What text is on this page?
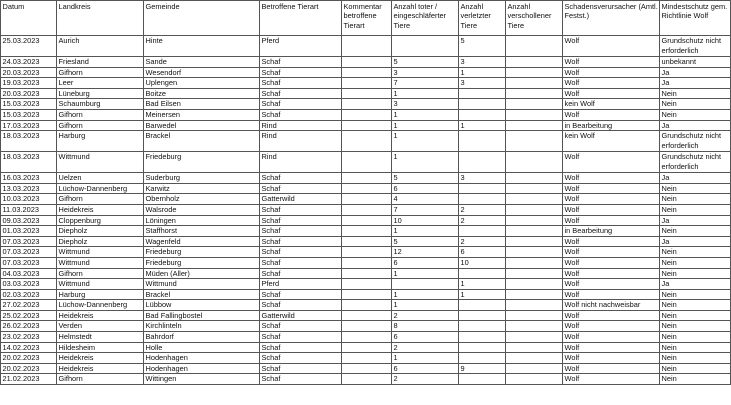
Datum	Landkreis	Gemeinde	Betroffene Tierart	Kommentar betroffene Tierart	Anzahl toter / eingeschläferter Tiere	Anzahl verletzter Tiere	Anzahl verschollener Tiere	Schadensverursacher (Amtl. Festst.)	Mindestschutz gem. Richtlinie Wolf
25.03.2023	Aurich	Hinte	Pferd			5		Wolf	Grundschutz nicht erforderlich
24.03.2023	Friesland	Sande	Schaf		5	3		Wolf	unbekannt
20.03.2023	Gifhorn	Wesendorf	Schaf		3	1		Wolf	Ja
19.03.2023	Leer	Uplengen	Schaf		7	3		Wolf	Ja
20.03.2023	Lüneburg	Boitze	Schaf		1			Wolf	Nein
15.03.2023	Schaumburg	Bad Eilsen	Schaf		3			kein Wolf	Nein
15.03.2023	Gifhorn	Meinersen	Schaf		1			Wolf	Nein
17.03.2023	Gifhorn	Barwedel	Rind		1	1		in Bearbeitung	Ja
18.03.2023	Harburg	Brackel	Rind		1			kein Wolf	Grundschutz nicht erforderlich
18.03.2023	Wittmund	Friedeburg	Rind		1			Wolf	Grundschutz nicht erforderlich
16.03.2023	Uelzen	Suderburg	Schaf		5	3		Wolf	Ja
13.03.2023	Lüchow-Dannenberg	Karwitz	Schaf		6			Wolf	Nein
10.03.2023	Gifhorn	Obernholz	Gatterwild		4			Wolf	Nein
11.03.2023	Heidekreis	Walsrode	Schaf		7	2		Wolf	Nein
09.03.2023	Cloppenburg	Löningen	Schaf		10	2		Wolf	Ja
01.03.2023	Diepholz	Staffhorst	Schaf		1			in Bearbeitung	Nein
07.03.2023	Diepholz	Wagenfeld	Schaf		5	2		Wolf	Ja
07.03.2023	Wittmund	Friedeburg	Schaf		12	6		Wolf	Nein
07.03.2023	Wittmund	Friedeburg	Schaf		6	10		Wolf	Nein
04.03.2023	Gifhorn	Müden (Aller)	Schaf		1			Wolf	Nein
03.03.2023	Wittmund	Wittmund	Pferd			1		Wolf	Ja
02.03.2023	Harburg	Brackel	Schaf		1	1		Wolf	Nein
27.02.2023	Lüchow-Dannenberg	Lübbow	Schaf		1			Wolf nicht nachweisbar	Nein
25.02.2023	Heidekreis	Bad Fallingbostel	Gatterwild		2			Wolf	Nein
26.02.2023	Verden	Kirchlinteln	Schaf		8			Wolf	Nein
23.02.2023	Helmstedt	Bahrdorf	Schaf		6			Wolf	Nein
14.02.2023	Hildesheim	Holle	Schaf		2			Wolf	Nein
20.02.2023	Heidekreis	Hodenhagen	Schaf		1			Wolf	Nein
20.02.2023	Heidekreis	Hodenhagen	Schaf		6	9		Wolf	Nein
21.02.2023	Gifhorn	Wittingen	Schaf		2			Wolf	Nein
